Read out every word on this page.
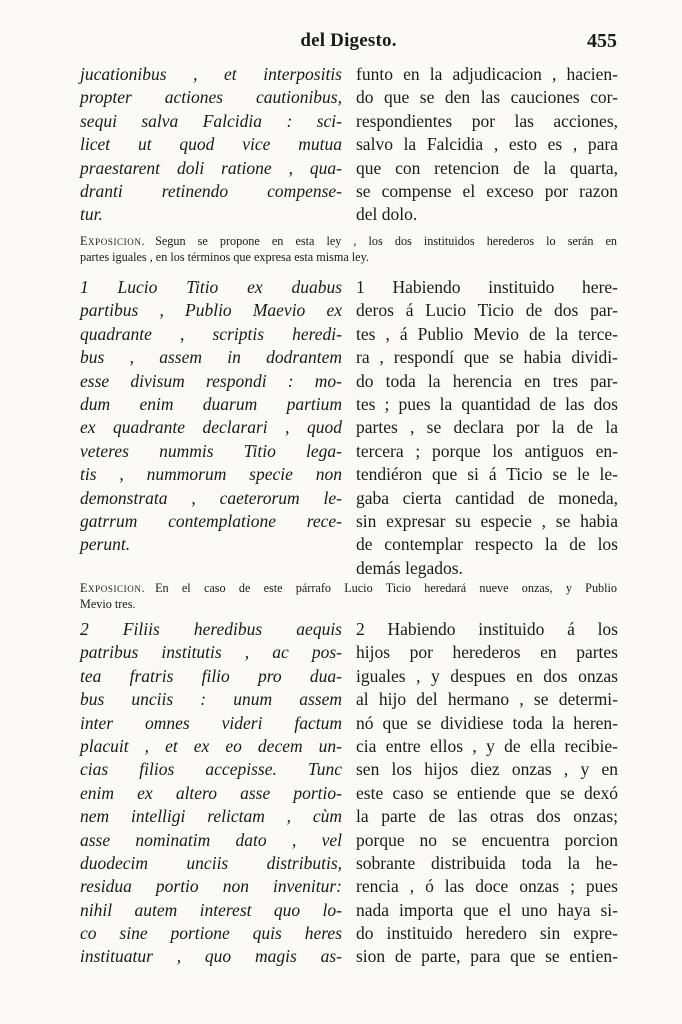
del Digesto.	455
jucationibus , et interpositis
propter actiones cautionibus,
sequi salva Falcidia : sci-
licet ut quod vice mutua
praestarent doli ratione , qua-
dranti retinendo compense-
tur.
funto en la adjudicacion , hacien-
do que se den las cauciones cor-
respondientes por las acciones,
salvo la Falcidia , esto es , para
que con retencion de la quarta,
se compense el exceso por razon
del dolo.
Exposicion. Segun se propone en esta ley , los dos instituidos herederos lo serán en
partes iguales , en los términos que expresa esta misma ley.
1 Lucio Titio ex duabus
partibus , Publio Maevio ex
quadrante , scriptis heredi-
bus , assem in dodrantem
esse divisum respondi : mo-
dum enim duarum partium
ex quadrante declarari , quod
veteres nummis Titio lega-
tis , nummorum specie non
demonstrata , caeterorum le-
gatrrum contemplatione rece-
perunt.
1 Habiendo instituido here-
deros á Lucio Ticio de dos par-
tes , á Publio Mevio de la terce-
ra , respondí que se habia dividi-
do toda la herencia en tres par-
tes ; pues la quantidad de las dos
partes , se declara por la de la
tercera ; porque los antiguos en-
tendiéron que si á Ticio se le le-
gaba cierta cantidad de moneda,
sin expresar su especie , se habia
de contemplar respecto la de los
demás legados.
Exposicion. En el caso de este párrafo Lucio Ticio heredará nueve onzas, y Publio
Mevio tres.
2 Filiis heredibus aequis
patribus institutis , ac pos-
tea fratris filio pro dua-
bus unciis : unum assem
inter omnes videri factum
placuit , et ex eo decem un-
cias filios accepisse. Tunc
enim ex altero asse portio-
nem intelligi relictam , cùm
asse nominatim dato , vel
duodecim unciis distributis,
residua portio non invenitur:
nihil autem interest quo lo-
co sine portione quis heres
instituatur , quo magis as-
2 Habiendo instituido á los
hijos por herederos en partes
iguales , y despues en dos onzas
al hijo del hermano , se determi-
nó que se dividiese toda la heren-
cia entre ellos , y de ella recibie-
sen los hijos diez onzas , y en
este caso se entiende que se dexó
la parte de las otras dos onzas;
porque no se encuentra porcion
sobrante distribuida toda la he-
rencia , ó las doce onzas ; pues
nada importa que el uno haya si-
do instituido heredero sin expre-
sion de parte, para que se entien-
